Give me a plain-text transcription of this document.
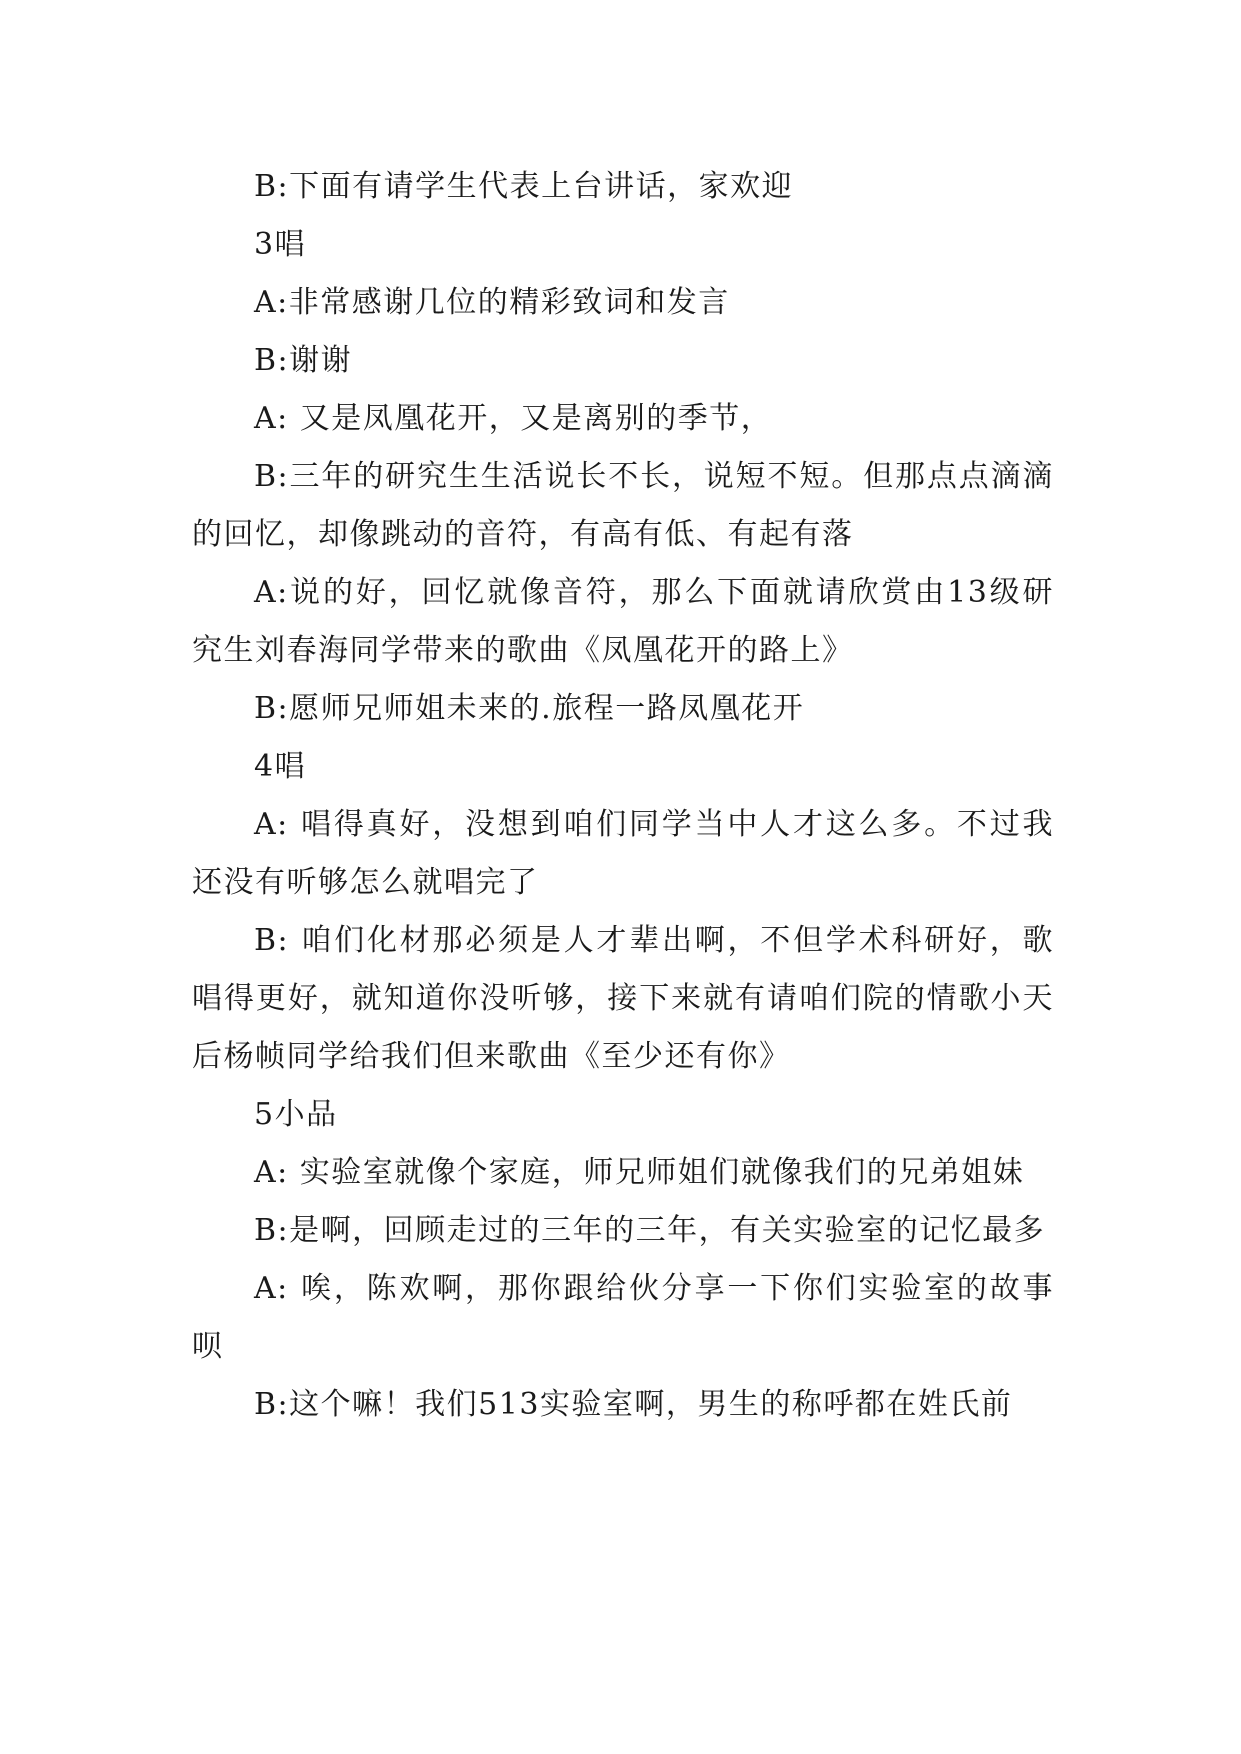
B:下面有请学生代表上台讲话，家欢迎

3唱

A:非常感谢几位的精彩致词和发言

B:谢谢

A: 又是凤凰花开，又是离别的季节，

B:三年的研究生生活说长不长，说短不短。但那点点滴滴的回忆，却像跳动的音符，有高有低、有起有落

A:说的好，回忆就像音符，那么下面就请欣赏由13级研究生刘春海同学带来的歌曲《凤凰花开的路上》

B:愿师兄师姐未来的.旅程一路凤凰花开

4唱

A: 唱得真好，没想到咱们同学当中人才这么多。不过我还没有听够怎么就唱完了

B: 咱们化材那必须是人才辈出啊，不但学术科研好，歌唱得更好，就知道你没听够，接下来就有请咱们院的情歌小天后杨帧同学给我们但来歌曲《至少还有你》

5小品

A: 实验室就像个家庭，师兄师姐们就像我们的兄弟姐妹

B:是啊，回顾走过的三年的三年，有关实验室的记忆最多

A: 唉，陈欢啊，那你跟给伙分享一下你们实验室的故事呗

B:这个嘛！我们513实验室啊，男生的称呼都在姓氏前
